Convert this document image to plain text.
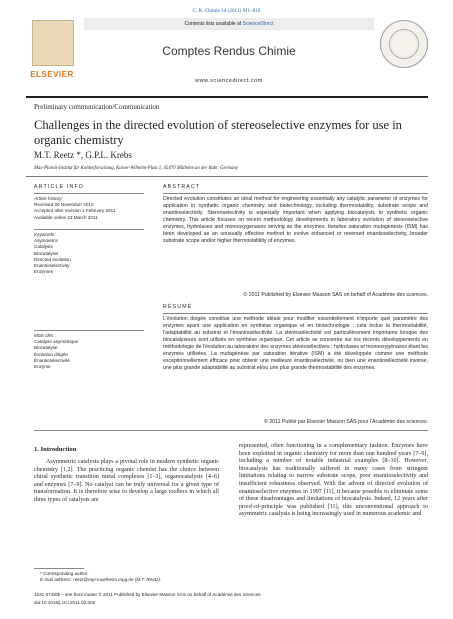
C. R. Chimie 14 (2011) 811–818
ELSEVIER
Contents lists available at ScienceDirect
Comptes Rendus Chimie
www.sciencedirect.com
Preliminary communication/Communication
Challenges in the directed evolution of stereoselective enzymes for use in organic chemistry
M.T. Reetz *, G.P.L. Krebs
Max-Planck-Institut für Kohlenforschung, Kaiser-Wilhelm-Platz 1, 45470 Mülheim an der Ruhr, Germany
ARTICLE INFO
Article history:
Received 30 November 2010
Accepted after revision 1 February 2011
Available online 23 March 2011
Keywords:
Asymmetric
Catalysis
Biocatalysis
Directed evolution
Enantioselectivity
Enzymes
Mots clés :
Catalyse asymétrique
Biocatalyse
Évolution dirigée
Énantiosélectivité
Enzyme
ABSTRACT
Directed evolution constitutes an ideal method for engineering essentially any catalytic parameter of enzymes for application in synthetic organic chemistry and biotechnology, including thermostability, substrate scope and enantioselectivity. Stereoselectivity is especially important when applying biocatalysts to synthetic organic chemistry. This article focuses on recent methodology developments in laboratory evolution of stereoselective enzymes, hydrolases and monooxygenases serving as the enzymes. Iterative saturation mutagenesis (ISM) has been developed as an unusually effective method to evolve enhanced or reversed enantioselectivity, broader substrate scope and/or higher thermostability of enzymes.
© 2011 Published by Elsevier Masson SAS on behalf of Académie des sciences.
RÉSUMÉ
L'évolution dirigée constitue une méthode idéale pour modifier essentiellement n'importe quel paramètre des enzymes ayant une application en synthèse organique et en biotechnologie ; cela inclue la thermostabilité, l'adaptabilité au substrat et l'énantiosélectivité. La stéréosélectivité est particulièrement importante lorsque des biocatalyseurs sont utilisés en synthèse organique. Cet article se concentre sur les récents développements en méthodologie de l'évolution au laboratoire des enzymes stéréosélectives ; hydrolases et monooxygénases étant les enzymes utilisées. La mutagénèse par saturation itérative (ISM) a été développée comme une méthode exceptionnellement efficace pour obtenir une meilleure énantiosélectivité, ou bien une énantiosélectivité inverse, une plus grande adaptabilité au substrat et/ou une plus grande thermostabilité des enzymes.
© 2011 Publié par Elsevier Masson SAS pour l'Académie des sciences.
1. Introduction
Asymmetric catalysis plays a pivotal role in modern synthetic organic chemistry [1,2]. The practicing organic chemist has the choice between chiral synthetic transition metal complexes [1–3], organocatalysts [4–6] and enzymes [7–9]. No catalyst can be truly universal for a given type of transformation. It is therefore wise to develop a large toolbox in which all three types of catalysts are
represented, often functioning in a complementary fashion. Enzymes have been exploited in organic chemistry for more than one hundred years [7–9], including a number of notable industrial examples [8–10]. However, biocatalysis has traditionally suffered in many cases from stringent limitations relating to narrow substrate scope, poor enantioselectivity and insufficient robustness observed. With the advent of directed evolution of enantioselective enzymes in 1997 [11], it became possible to eliminate some of these disadvantages and limitations of biocatalysis. Indeed, 12 years after proof-of-principle was published [11], this unconventional approach to asymmetric catalysis is being increasingly used in numerous academic and
* Corresponding author.
E-mail address: reetz@mpi-muelheim.mpg.de (M.T. Reetz).
1631-0748/$ – see front matter © 2011 Published by Elsevier Masson SAS on behalf of Académie des sciences.
doi:10.1016/j.crci.2011.02.002
